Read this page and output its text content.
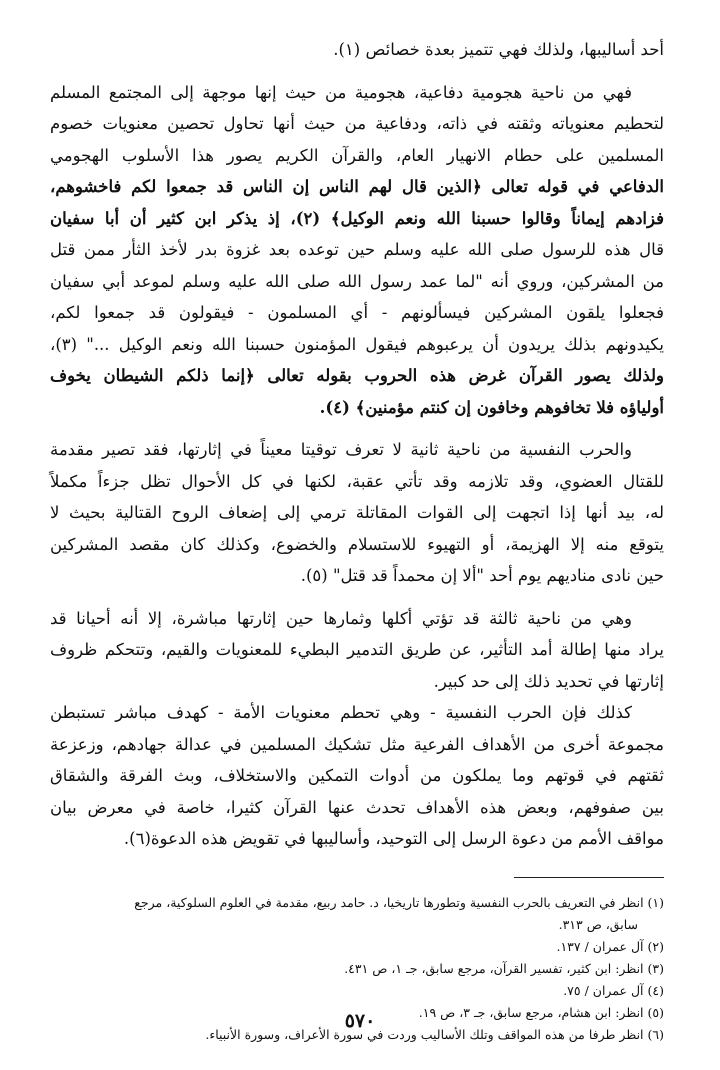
أحد أساليبها، ولذلك فهي تتميز بعدة خصائص (١).
فهي من ناحية هجومية دفاعية، هجومية من حيث إنها موجهة إلى المجتمع المسلم
لتحطيم معنوياته وثقته في ذاته، ودفاعية من حيث أنها تحاول تحصين معنويات خصوم
المسلمين على حطام الانهيار العام، والقرآن الكريم يصور هذا الأسلوب الهجومي
الدفاعي في قوله تعالى ﴿الذين قال لهم الناس إن الناس قد جمعوا لكم فاخشوهم،
فزادهم إيماناً وقالوا حسبنا الله ونعم الوكيل﴾ (٢)، إذ يذكر ابن كثير أن أبا سفيان
قال هذه للرسول صلى الله عليه وسلم حين توعده بعد غزوة بدر لأخذ الثأر ممن قتل
من المشركين، وروي أنه "لما عمد رسول الله صلى الله عليه وسلم لموعد أبي سفيان
فجعلوا يلقون المشركين فيسألونهم - أي المسلمون - فيقولون قد جمعوا لكم،
يكيدونهم بذلك يريدون أن يرعبوهم فيقول المؤمنون حسبنا الله ونعم الوكيل ..." (٣)،
ولذلك يصور القرآن غرض هذه الحروب بقوله تعالى ﴿إنما ذلكم الشيطان يخوف
أولياؤه فلا تخافوهم وخافون إن كنتم مؤمنين﴾ (٤).
والحرب النفسية من ناحية ثانية لا تعرف توقيتا معيناً في إثارتها، فقد تصير مقدمة
للقتال العضوي، وقد تلازمه وقد تأتي عقبة، لكنها في كل الأحوال تظل جزءاً مكملاً
له، بيد أنها إذا اتجهت إلى القوات المقاتلة ترمي إلى إضعاف الروح القتالية بحيث لا
يتوقع منه إلا الهزيمة، أو التهيوء للاستسلام والخضوع، وكذلك كان مقصد المشركين
حين نادى مناديهم يوم أحد "ألا إن محمداً قد قتل" (٥).
وهي من ناحية ثالثة قد تؤتي أكلها وثمارها حين إثارتها مباشرة، إلا أنه أحيانا قد
يراد منها إطالة أمد التأثير، عن طريق التدمير البطيء للمعنويات والقيم، وتتحكم ظروف
إثارتها في تحديد ذلك إلى حد كبير.
كذلك فإن الحرب النفسية - وهي تحطم معنويات الأمة - كهدف مباشر تستبطن
مجموعة أخرى من الأهداف الفرعية مثل تشكيك المسلمين في عدالة جهادهم، وزعزعة
ثقتهم في قوتهم وما يملكون من أدوات التمكين والاستخلاف، وبث الفرقة والشقاق
بين صفوفهم، وبعض هذه الأهداف تحدث عنها القرآن كثيرا، خاصة في معرض بيان
مواقف الأمم من دعوة الرسل إلى التوحيد، وأساليبها في تقويض هذه الدعوة(٦).
(١) انظر في التعريف بالحرب النفسية وتطورها تاريخيا، د. حامد ربيع، مقدمة في العلوم السلوكية، مرجع
سابق، ص ٣١٣.
(٢) آل عمران / ١٣٧.
(٣) انظر: ابن كثير، تفسير القرآن، مرجع سابق، جـ ١، ص ٤٣١.
(٤) آل عمران / ٧٥.
(٥) انظر: ابن هشام، مرجع سابق، جـ ٣، ص ١٩.
(٦) انظر طرفا من هذه المواقف وتلك الأساليب وردت في سورة الأعراف، وسورة الأنبياء.
٥٧٠
